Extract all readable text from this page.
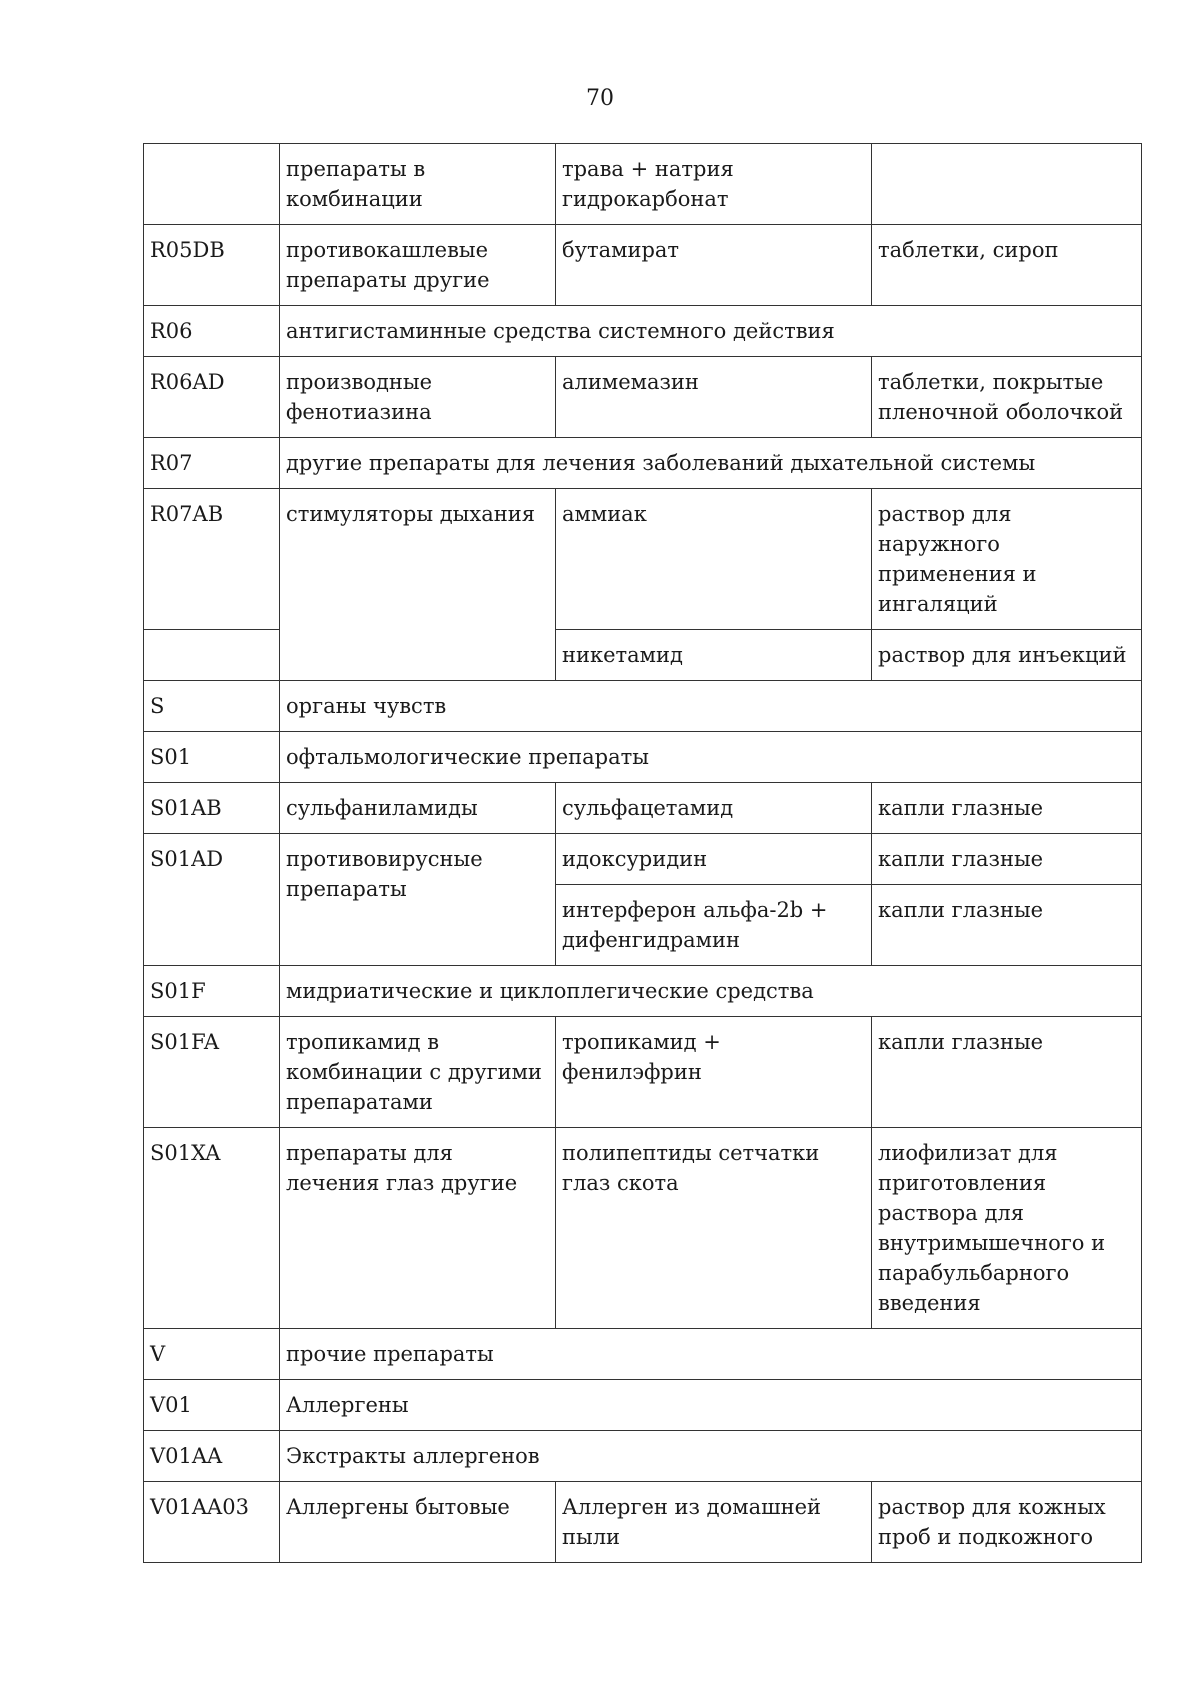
70
	препараты в комбинации	трава + натрия гидрокарбонат	
R05DB	противокашлевые препараты другие	бутамират	таблетки, сироп
R06	антигистаминные средства системного действия		
R06AD	производные фенотиазина	алимемазин	таблетки, покрытые пленочной оболочкой
R07	другие препараты для лечения заболеваний дыхательной системы		
R07AB	стимуляторы дыхания	аммиак	раствор для наружного применения и ингаляций
		никетамид	раствор для инъекций
S	органы чувств		
S01	офтальмологические препараты		
S01AB	сульфаниламиды	сульфацетамид	капли глазные
S01AD	противовирусные препараты	идоксуридин	капли глазные
		интерферон альфа-2b + дифенгидрамин	капли глазные
S01F	мидриатические и циклоплегические средства		
S01FA	тропикамид в комбинации с другими препаратами	тропикамид + фенилэфрин	капли глазные
S01XA	препараты для лечения глаз другие	полипептиды сетчатки глаз скота	лиофилизат для приготовления раствора для внутримышечного и парабульбарного введения
V	прочие препараты		
V01	Аллергены		
V01AA	Экстракты аллергенов		
V01AA03	Аллергены бытовые	Аллерген из домашней пыли	раствор для кожных проб и подкожного
